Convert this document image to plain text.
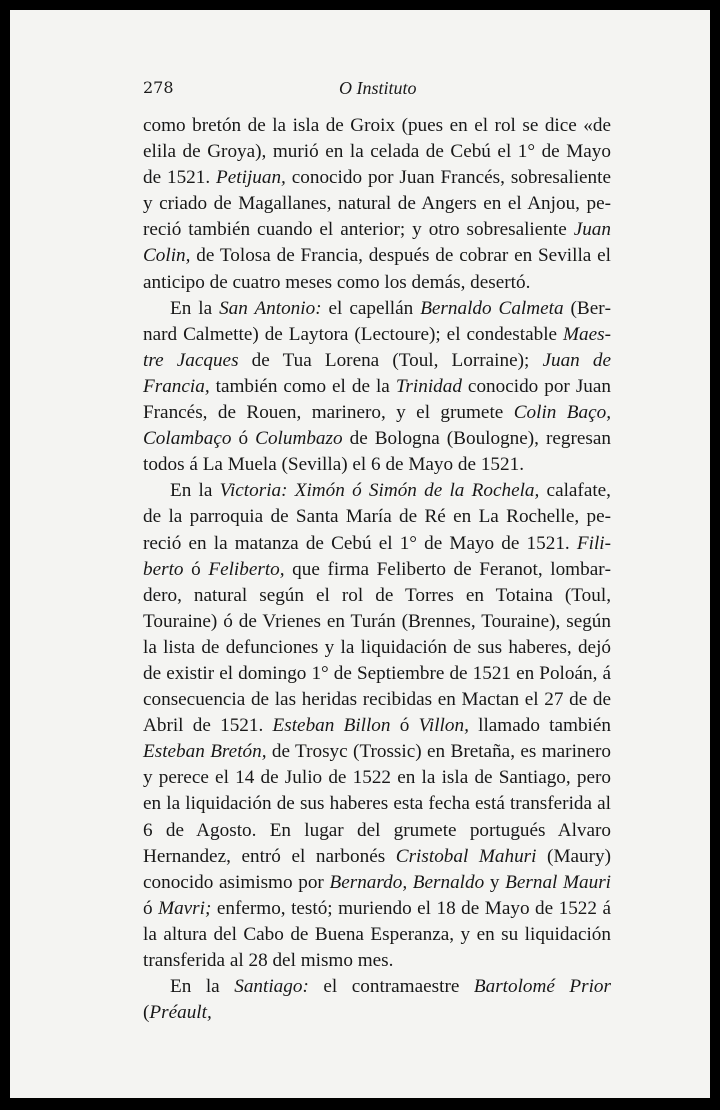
278	O Instituto

como bretón de la isla de Groix (pues en el rol se dice «de elila de Groya), murió en la celada de Cebú el 1° de Mayo de 1521. Petijuan, conocido por Juan Francés, sobresaliente y criado de Magallanes, natural de Angers en el Anjou, pereció también cuando el anterior; y otro sobresaliente Juan Colin, de Tolosa de Francia, después de cobrar en Sevilla el anticipo de cuatro meses como los demás, desertó.

En la San Antonio: el capellán Bernaldo Calmeta (Bernard Calmette) de Laytora (Lectoure); el condestable Maestre Jacques de Tua Lorena (Toul, Lorraine); Juan de Francia, también como el de la Trinidad conocido por Juan Francés, de Rouen, marinero, y el grumete Colin Baço, Colambaço ó Columbazo de Bologna (Boulogne), regresan todos á La Muela (Sevilla) el 6 de Mayo de 1521.

En la Victoria: Ximón ó Simón de la Rochela, calafate, de la parroquia de Santa María de Ré en La Rochelle, pereció en la matanza de Cebú el 1° de Mayo de 1521. Filiberto ó Feliberto, que firma Feliberto de Feranot, lombardero, natural según el rol de Torres en Totaina (Toul, Touraine) ó de Vrienes en Turán (Brennes, Touraine), según la lista de defunciones y la liquidación de sus haberes, dejó de existir el domingo 1° de Septiembre de 1521 en Poloán, á consecuencia de las heridas recibidas en Mactan el 27 de de Abril de 1521. Esteban Billon ó Villon, llamado también Esteban Bretón, de Trosyc (Trossic) en Bretaña, es marinero y perece el 14 de Julio de 1522 en la isla de Santiago, pero en la liquidación de sus haberes esta fecha está transferida al 6 de Agosto. En lugar del grumete portugués Alvaro Hernandez, entró el narbonés Cristobal Mahuri (Maury) conocido asimismo por Bernardo, Bernaldo y Bernal Mauri ó Mavri; enfermo, testó; muriendo el 18 de Mayo de 1522 á la altura del Cabo de Buena Esperanza, y en su liquidación transferida al 28 del mismo mes.

En la Santiago: el contramaestre Bartolomé Prior (Préault,
